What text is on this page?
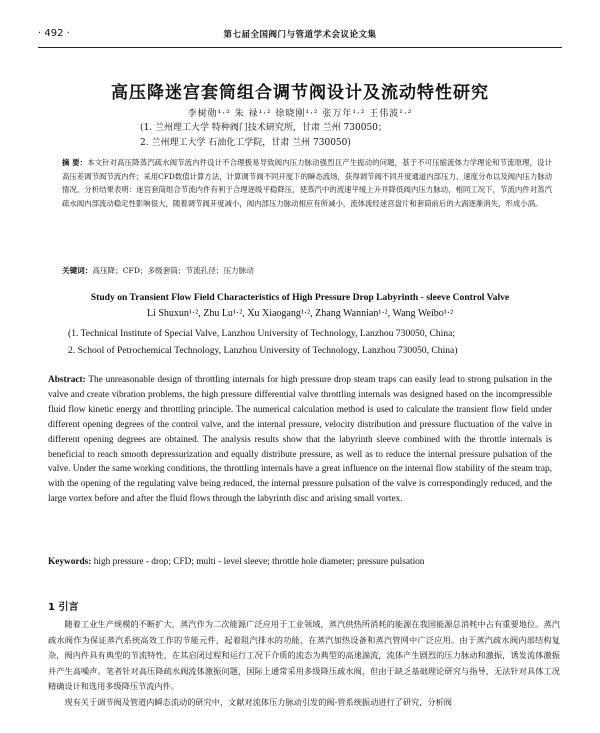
· 492 ·	第七届全国阀门与管道学术会议论文集
高压降迷宫套筒组合调节阀设计及流动特性研究
李树勋¹·² 朱 禄¹·² 徐晓刚¹·² 张万年¹·² 王伟波¹·²
(1. 兰州理工大学 特种阀门技术研究所，甘肃 兰州 730050；
2. 兰州理工大学 石油化工学院，甘肃 兰州 730050)
摘 要：本文针对高压降蒸汽疏水阀节流内件设计不合理极易导致阀内压力脉动强烈且产生振动的问题，基于不可压缩流体力学理论和节流原理，设计高压差调节阀节流内件；采用CFD数值计算方法，计算调节阀不同开度下的瞬态流场，获得调节阀不同开度通道内部压力、速度分布以及阀内压力脉动情况。分析结果表明：迷宫套筒组合节流内件有利于合理逐级平稳降压，使蒸汽中的流速平缓上升并降低阀内压力脉动，相同工况下，节流内件对蒸汽疏水阀内部流动稳定性影响很大，随着调节阀开度减小，阀内部压力脉动相应有所减小，流体流经迷宫盘片和套筒前后的大涡逐渐消失，形成小涡。
关键词：高压降；CFD；多级套筒；节流孔径；压力脉动
Study on Transient Flow Field Characteristics of High Pressure Drop Labyrinth - sleeve Control Valve
Li Shuxun¹·², Zhu Lu¹·², Xu Xiaogang¹·², Zhang Wannian¹·², Wang Weibo¹·²
(1. Technical Institute of Special Valve, Lanzhou University of Technology, Lanzhou 730050, China;
2. School of Petrochemical Technology, Lanzhou University of Technology, Lanzhou 730050, China)
Abstract: The unreasonable design of throttling internals for high pressure drop steam traps can easily lead to strong pulsation in the valve and create vibration problems, the high pressure differential valve throttling internals was designed based on the incompressible fluid flow kinetic energy and throttling principle. The numerical calculation method is used to calculate the transient flow field under different opening degrees of the control valve, and the internal pressure, velocity distribution and pressure fluctuation of the valve in different opening degrees are obtained. The analysis results show that the labyrinth sleeve combined with the throttle internals is beneficial to reach smooth depressurization and equally distribute pressure, as well as to reduce the internal pressure pulsation of the valve. Under the same working conditions, the throttling internals have a great influence on the internal flow stability of the steam trap, with the opening of the regulating valve being reduced, the internal pressure pulsation of the valve is correspondingly reduced, and the large vortex before and after the fluid flows through the labyrinth disc and arising small vortex.
Keywords: high pressure - drop; CFD; multi - level sleeve; throttle hole diameter; pressure pulsation
1 引言

随着工业生产规模的不断扩大，蒸汽作为二次能源广泛应用于工业领域，蒸汽供热所消耗的能源在我国能源总消耗中占有重要地位。蒸汽疏水阀作为保证蒸汽系统高效工作的节能元件，起着阻汽排水的功能，在蒸汽加热设备和蒸汽管网中广泛应用。由于蒸汽疏水阀内部结构复杂，阀内件具有典型的节流特性，在其启闭过程和运行工况下介质的流态为典型的高速湍流，流体产生剧烈的压力脉动和激振，诱发流体激振并产生高噪声。笔者针对高压降疏水阀流体激振问题，国际上通常采用多级降压疏水阀，但由于缺乏基础理论研究与指导，无法针对具体工况精确设计和选用多级降压节流内件。

现有关于调节阀及管道内瞬态流动的研究中，文献对流体压力脉动引发的阀-管系统振动进行了研究，分析阀
